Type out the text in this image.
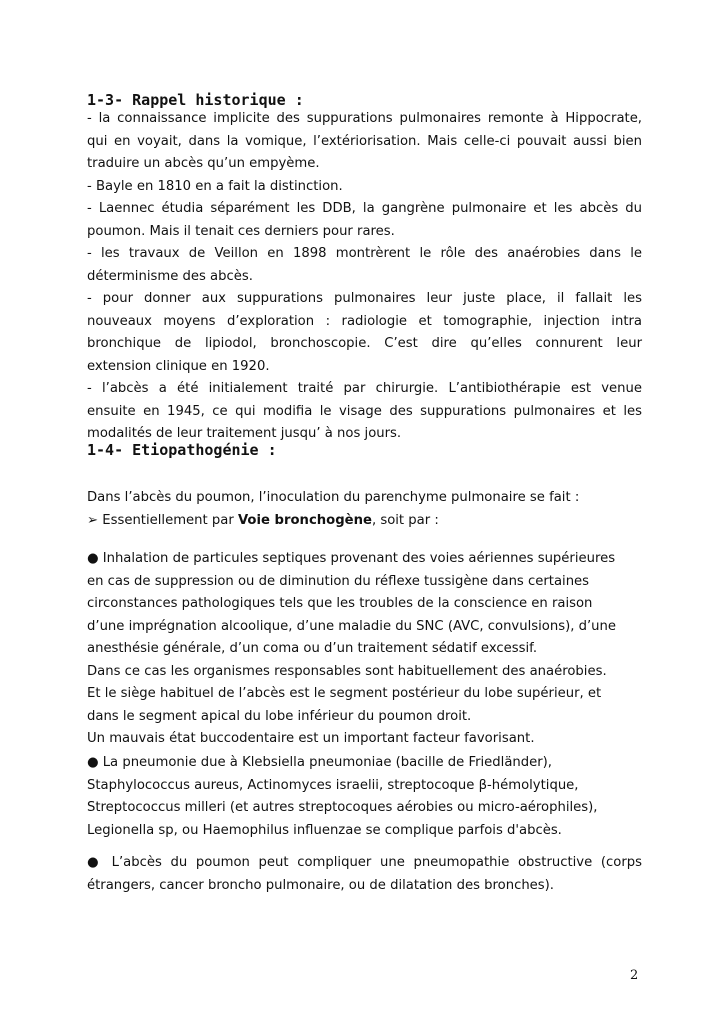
1-3- Rappel historique :
- la connaissance implicite des suppurations pulmonaires remonte à Hippocrate,
qui en voyait, dans la vomique, l’extériorisation. Mais celle-ci pouvait aussi bien
traduire un abcès qu’un empyème.
- Bayle en 1810 en a fait la distinction.
- Laennec étudia séparément les DDB, la gangrène pulmonaire et les abcès du
poumon. Mais il tenait ces derniers pour rares.
- les travaux de Veillon en 1898 montrèrent le rôle des anaérobies dans le
déterminisme des abcès.
- pour donner aux suppurations pulmonaires leur juste place, il fallait les
nouveaux moyens d’exploration : radiologie et tomographie, injection intra
bronchique de lipiodol, bronchoscopie. C’est dire qu’elles connurent leur
extension clinique en 1920.
- l’abcès a été initialement traité par chirurgie. L’antibiothérapie est venue
ensuite en 1945, ce qui modifia le visage des suppurations pulmonaires et les
modalités de leur traitement jusqu’ à nos jours.
1-4- Etiopathogénie :
Dans l’abcès du poumon, l’inoculation du parenchyme pulmonaire se fait :
➢ Essentiellement par Voie bronchogène, soit par :
● Inhalation de particules septiques provenant des voies aériennes supérieures
en cas de suppression ou de diminution du réflexe tussigène dans certaines
circonstances pathologiques tels que les troubles de la conscience en raison
d’une imprégnation alcoolique, d’une maladie du SNC (AVC, convulsions), d’une
anesthésie générale, d’un coma ou d’un traitement sédatif excessif.
Dans ce cas les organismes responsables sont habituellement des anaérobies.
Et le siège habituel de l’abcès est le segment postérieur du lobe supérieur, et
dans le segment apical du lobe inférieur du poumon droit.
Un mauvais état buccodentaire est un important facteur favorisant.
● La pneumonie due à Klebsiella pneumoniae (bacille de Friedländer),
Staphylococcus aureus, Actinomyces israelii, streptocoque β-hémolytique,
Streptococcus milleri (et autres streptocoques aérobies ou micro-aérophiles),
Legionella sp, ou Haemophilus influenzae se complique parfois d'abcès.
● L’abcès du poumon peut compliquer une pneumopathie obstructive (corps
étrangers, cancer broncho pulmonaire, ou de dilatation des bronches).
2
